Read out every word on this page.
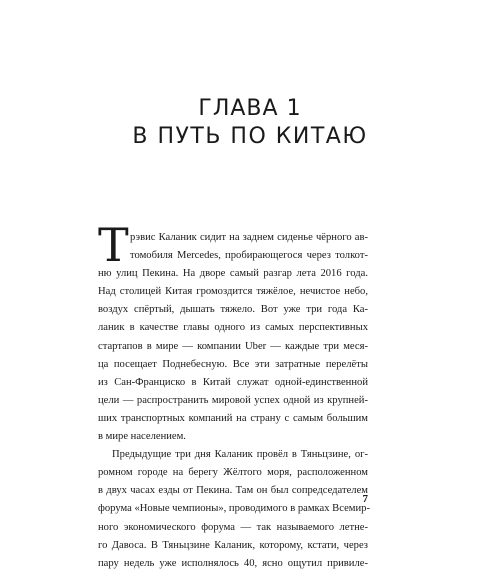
ГЛАВА 1
В ПУТЬ ПО КИТАЮ
Т рэвис Каланик сидит на заднем сиденье чёрного ав-
томобиля Mercedes, пробирающегося через толкот-
ню улиц Пекина. На дворе самый разгар лета 2016 года.
Над столицей Китая громоздится тяжёлое, нечистое небо,
воздух спёртый, дышать тяжело. Вот уже три года Ка-
ланик в качестве главы одного из самых перспективных
стартапов в мире — компании Uber — каждые три меся-
ца посещает Поднебесную. Все эти затратные перелёты
из Сан-Франциско в Китай служат одной-единственной
цели — распространить мировой успех одной из крупней-
ших транспортных компаний на страну с самым большим
в мире населением.
Предыдущие три дня Каланик провёл в Тяньцзине, ог-
ромном городе на берегу Жёлтого моря, расположенном
в двух часах езды от Пекина. Там он был сопредседателем
форума «Новые чемпионы», проводимого в рамках Всемир-
ного экономического форума — так называемого летне-
го Давоса. В Тяньцзине Каланик, которому, кстати, через
пару недель уже исполнялось 40, ясно ощутил привиле-
7
